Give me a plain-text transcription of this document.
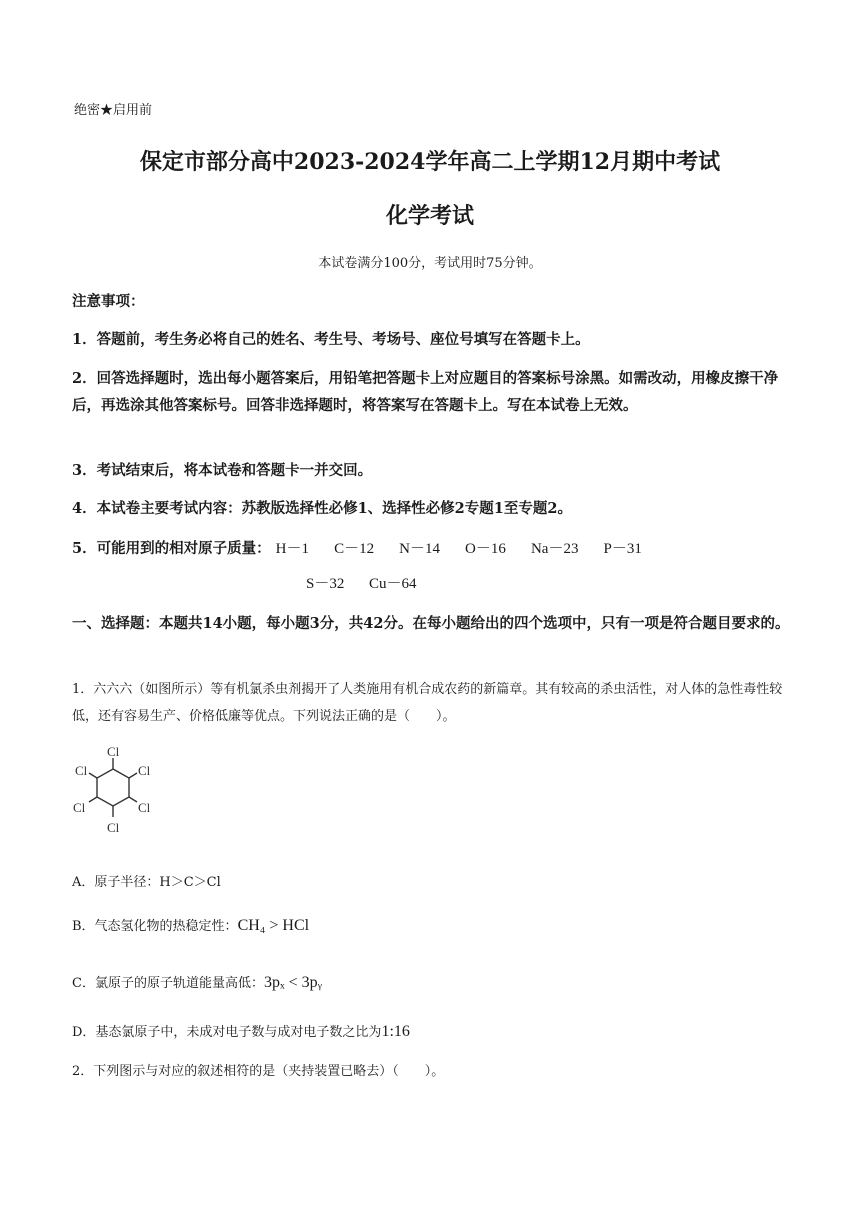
绝密★启用前
保定市部分高中2023-2024学年高二上学期12月期中考试
化学考试
本试卷满分100分，考试用时75分钟。
注意事项：
1．答题前，考生务必将自己的姓名、考生号、考场号、座位号填写在答题卡上。
2．回答选择题时，选出每小题答案后，用铅笔把答题卡上对应题目的答案标号涂黑。如需改动，用橡皮擦干净后，再选涂其他答案标号。回答非选择题时，将答案写在答题卡上。写在本试卷上无效。
3．考试结束后，将本试卷和答题卡一并交回。
4．本试卷主要考试内容：苏教版选择性必修1、选择性必修2专题1至专题2。
5．可能用到的相对原子质量： H－1 C－12 N－14 O－16 Na－23 P－31
S－32 Cu－64
一、选择题：本题共14小题，每小题3分，共42分。在每小题给出的四个选项中，只有一项是符合题目要求的。
1．六六六（如图所示）等有机氯杀虫剂揭开了人类施用有机合成农药的新篇章。其有较高的杀虫活性，对人体的急性毒性较低，还有容易生产、价格低廉等优点。下列说法正确的是（　　）。
Cl
Cl
Cl
Cl
Cl
Cl
A．原子半径：H＞C＞Cl
B．气态氢化物的热稳定性：CH₄ > HCl
C．氯原子的原子轨道能量高低：3pₓ < 3pᵧ
D．基态氯原子中，未成对电子数与成对电子数之比为1:16
2．下列图示与对应的叙述相符的是（夹持装置已略去）（　　）。
